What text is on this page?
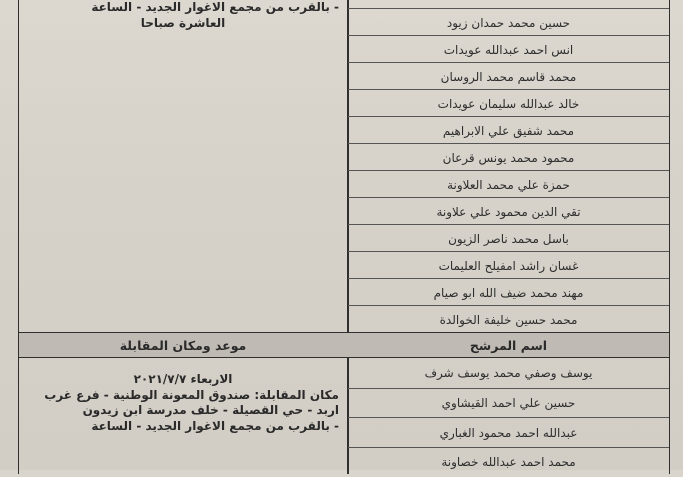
- بالقرب من مجمع الاغوار الجديد - الساعة
العاشرة صباحا	حسين محمد حمدان زيود
انس احمد عبدالله عويدات
محمد قاسم محمد الروسان
خالد عبدالله سليمان عويدات
محمد شفيق علي الابراهيم
محمود محمد يونس قرعان
حمزة علي محمد العلاونة
تقي الدين محمود علي علاونة
باسل محمد ناصر الزيون
غسان راشد امفيلح العليمات
مهند محمد ضيف الله ابو صيام
موعد ومكان المقابلة	اسم المرشح
الاربعاء ٢٠٢١/٧/٧
مكان المقابلة: صندوق المعونة الوطنية - فرع غرب
اربد - حي القصيلة - خلف مدرسة ابن زيدون
- بالقرب من مجمع الاغوار الجديد - الساعة
يوسف وصفي محمد يوسف شرف
حسين علي احمد القيشاوي
عبدالله احمد محمود الغباري
محمد احمد عبدالله خصاونة
محمد حسين خليفة الخوالدة
